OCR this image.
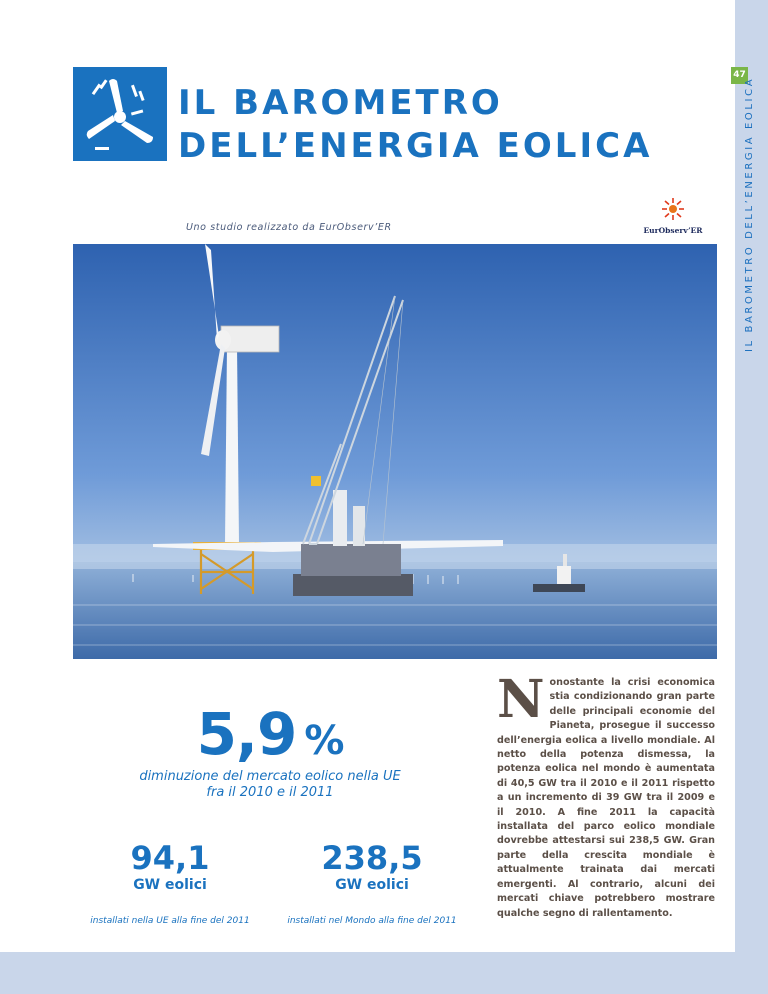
47
IL BAROMETRO DELL’ENERGIA EOLICA
IL BAROMETRO
DELL’ENERGIA EOLICA
Uno studio realizzato da EurObserv’ER	EurObserv’ER
5,9 %
diminuzione del mercato eolico nella UE
fra il 2010 e il 2011
94,1
GW eolici
installati nella UE alla fine del 2011
238,5
GW eolici
installati nel Mondo alla fine del 2011
Nonostante la crisi economica stia condizionando gran parte delle principali economie del Pianeta, prosegue il successo dell’energia eolica a livello mondiale. Al netto della potenza dismessa, la potenza eolica nel mondo è aumentata di 40,5 GW tra il 2010 e il 2011 rispetto a un incremento di 39 GW tra il 2009 e il 2010. A fine 2011 la capacità installata del parco eolico mondiale dovrebbe attestarsi sui 238,5 GW. Gran parte della crescita mondiale è attualmente trainata dai mercati emergenti. Al contrario, alcuni dei mercati chiave potrebbero mostrare qualche segno di rallentamento.
